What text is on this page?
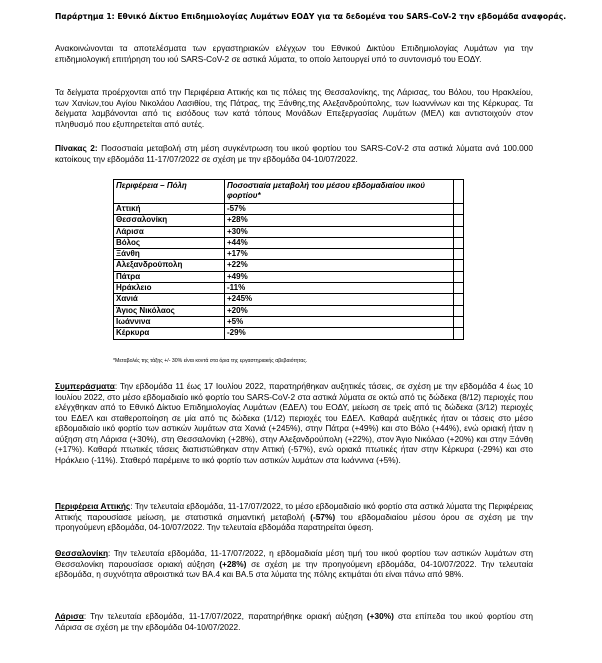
Παράρτημα 1: Εθνικό Δίκτυο Επιδημιολογίας Λυμάτων ΕΟΔΥ για τα δεδομένα του SARS-CoV-2 την εβδομάδα αναφοράς.

Ανακοινώνονται τα αποτελέσματα των εργαστηριακών ελέγχων του Εθνικού Δικτύου Επιδημιολογίας Λυμάτων για την επιδημιολογική επιτήρηση του ιού SARS-CoV-2 σε αστικά λύματα, το οποίο λειτουργεί υπό το συντονισμό του ΕΟΔΥ.

Τα δείγματα προέρχονται από την Περιφέρεια Αττικής και τις πόλεις της Θεσσαλονίκης, της Λάρισας, του Βόλου, του Ηρακλείου, των Χανίων,του Αγίου Νικολάου Λασιθίου, της Πάτρας, της Ξάνθης,της Αλεξανδρούπολης, των Ιωαννίνων και της Κέρκυρας. Τα δείγματα λαμβάνονται από τις εισόδους των κατά τόπους Μονάδων Επεξεργασίας Λυμάτων (ΜΕΛ) και αντιστοιχούν στον πληθυσμό που εξυπηρετείται από αυτές.

Πίνακας 2: Ποσοστιαία μεταβολή στη μέση συγκέντρωση του ιικού φορτίου του SARS-CoV-2 στα αστικά λύματα ανά 100.000 κατοίκους την εβδομάδα 11-17/07/2022 σε σχέση με την εβδομάδα 04-10/07/2022.

Περιφέρεια – Πόλη	Ποσοστιαία μεταβολή του μέσου εβδομαδιαίου ιικού φορτίου*	
Αττική	-57%	
Θεσσαλονίκη	+28%	
Λάρισα	+30%	
Βόλος	+44%	
Ξάνθη	+17%	
Αλεξανδρούπολη	+22%	
Πάτρα	+49%	
Ηράκλειο	-11%	
Χανιά	+245%	
Άγιος Νικόλαος	+20%	
Ιωάννινα	+5%	
Κέρκυρα	-29%	
*Μεταβολές της τάξης +/- 30% είναι κοντά στα όρια της εργαστηριακής αβεβαιότητας.

Συμπεράσματα: Την εβδομάδα 11 έως 17 Ιουλίου 2022, παρατηρήθηκαν αυξητικές τάσεις, σε σχέση με την εβδομάδα 4 έως 10 Ιουλίου 2022, στο μέσο εβδομαδιαίο ιικό φορτίο του SARS-CoV-2 στα αστικά λύματα σε οκτώ από τις δώδεκα (8/12) περιοχές που ελέγχθηκαν από το Εθνικό Δίκτυο Επιδημιολογίας Λυμάτων (ΕΔΕΛ) του ΕΟΔΥ, μείωση σε τρείς από τις δώδεκα (3/12) περιοχές του ΕΔΕΛ και σταθεροποίηση σε μία από τις δώδεκα (1/12) περιοχές του ΕΔΕΛ. Καθαρά αυξητικές ήταν οι τάσεις στο μέσο εβδομαδιαίο ιικό φορτίο των αστικών λυμάτων στα Χανιά (+245%), στην Πάτρα (+49%) και στο Βόλο (+44%), ενώ οριακή ήταν η αύξηση στη Λάρισα (+30%), στη Θεσσαλονίκη (+28%), στην Αλεξανδρούπολη (+22%), στον Άγιο Νικόλαο (+20%) και στην Ξάνθη (+17%). Καθαρά πτωτικές τάσεις διαπιστώθηκαν στην Αττική (-57%), ενώ οριακά πτωτικές ήταν στην Κέρκυρα (-29%) και στο Ηράκλειο (-11%). Σταθερό παρέμεινε το ιικό φορτίο των αστικών λυμάτων στα Ιωάννινα (+5%).

Περιφέρεια Αττικής: Την τελευταία εβδομάδα, 11-17/07/2022, το μέσο εβδομαδιαίο ιικό φορτίο στα αστικά λύματα της Περιφέρειας Αττικής παρουσίασε μείωση, με στατιστικά σημαντική μεταβολή (-57%) του εβδομαδιαίου μέσου όρου σε σχέση με την προηγούμενη εβδομάδα, 04-10/07/2022. Την τελευταία εβδομάδα παρατηρείται ύφεση.

Θεσσαλονίκη: Την τελευταία εβδομάδα, 11-17/07/2022, η εβδομαδιαία μέση τιμή του ιικού φορτίου των αστικών λυμάτων στη Θεσσαλονίκη παρουσίασε οριακή αύξηση (+28%) σε σχέση με την προηγούμενη εβδομάδα, 04-10/07/2022. Την τελευταία εβδομάδα, η συχνότητα αθροιστικά των ΒΑ.4 και ΒΑ.5 στα λύματα της πόλης εκτιμάται ότι είναι πάνω από 98%.

Λάρισα: Την τελευταία εβδομάδα, 11-17/07/2022, παρατηρήθηκε οριακή αύξηση (+30%) στα επίπεδα του ιικού φορτίου στη Λάρισα σε σχέση με την εβδομάδα 04-10/07/2022.
